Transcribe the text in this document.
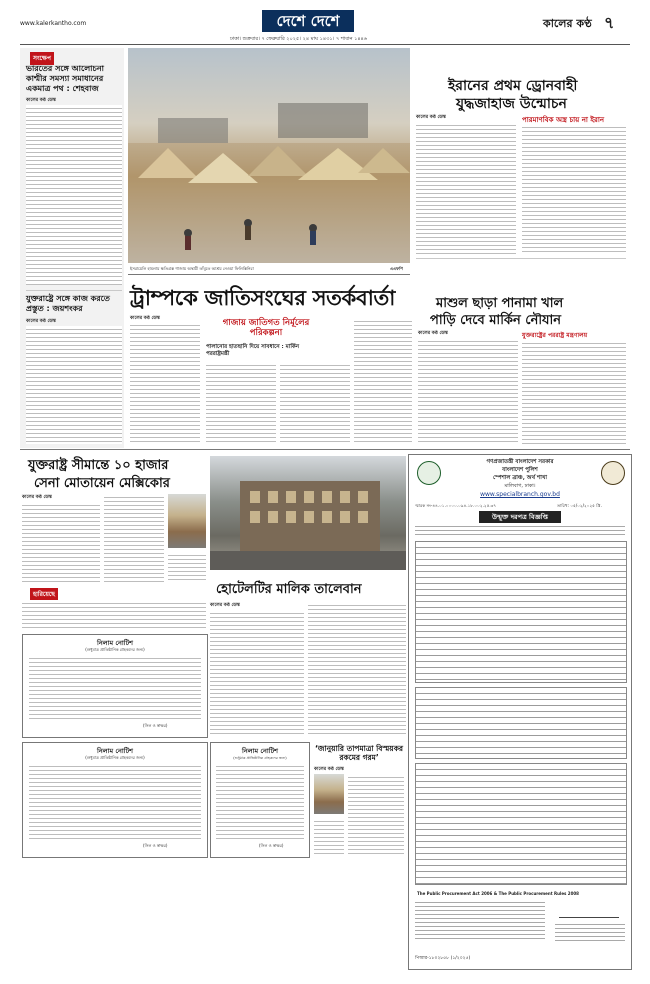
www.kalerkantho.com	দেশে দেশে	কালের কণ্ঠ ৭
ঢাকা। শুক্রবার। ৭ ফেব্রুয়ারি ২০২৫। ২৪ মাঘ ১৪৩১। ৭ শাবান ১৪৪৬
সংক্ষেপ
ভারতের সঙ্গে আলোচনা কাশ্মীর সমস্যা সমাধানের একমাত্র পথ : শেহবাজ
কালের কণ্ঠ ডেস্ক
যুক্তরাষ্ট্রে সঙ্গে কাজ করতে প্রস্তুত : জয়শংকর
কালের কণ্ঠ ডেস্ক
ইসরায়েলি হামলায় ক্ষতিগ্রস্ত গাজায় অস্থায়ী তাঁবুতে আশ্রয় নেওয়া ফিলিস্তিনিরা	এএফপি
ইরানের প্রথম ড্রোনবাহী
যুদ্ধজাহাজ উন্মোচন
কালের কণ্ঠ ডেস্ক	পারমাণবিক অস্ত্র চায় না ইরান
ট্রাম্পকে জাতিসংঘের সতর্কবার্তা
কালের কণ্ঠ ডেস্ক	গাজায় জাতিগত নির্মূলের পরিকল্পনা
পালানোর হাতছানি দিয়ে সাবধানে : মার্কিন পররাষ্ট্রমন্ত্রী
মাশুল ছাড়া পানামা খাল
পাড়ি দেবে মার্কিন নৌযান
কালের কণ্ঠ ডেস্ক	যুক্তরাষ্ট্রের পররাষ্ট্র মন্ত্রণালয়
যুক্তরাষ্ট্র সীমান্তে ১০ হাজার
সেনা মোতায়েন মেক্সিকোর
কালের কণ্ঠ ডেস্ক
হারিয়েছে
নিলাম নোটিশ
(শুধুমাত্র প্রাতিষ্ঠানিক গ্রাহকদের জন্য)
(সিল ও স্বাক্ষর)
হোটেলটির মালিক তালেবান
কালের কণ্ঠ ডেস্ক
গণপ্রজাতন্ত্রী বাংলাদেশ সরকার
বাংলাদেশ পুলিশ
স্পেশাল ব্রাঞ্চ, অর্থ শাখা
মালিবাগ, ঢাকা।
www.specialbranch.gov.bd
স্মারক নং-৪৪.০১.০০০০.০৯৪.১৮.০০২.২৫.৩৭	তারিখ: ০৫/০২/২০২৫ খ্রি.
উন্মুক্ত দরপত্র বিজ্ঞপ্তি
The Public Procurement Act 2006 & The Public Procurement Rules 2008
পিআর-১৮০২৮৫৮ (১/২০২৫)
নিলাম নোটিশ
(শুধুমাত্র প্রাতিষ্ঠানিক গ্রাহকদের জন্য)
(সিল ও স্বাক্ষর)
নিলাম নোটিশ
(শুধুমাত্র প্রাতিষ্ঠানিক গ্রাহকদের জন্য)
(সিল ও স্বাক্ষর)
‘জানুয়ারি তাপমাত্রা বিস্ময়কর রকমের গরম’
কালের কণ্ঠ ডেস্ক
